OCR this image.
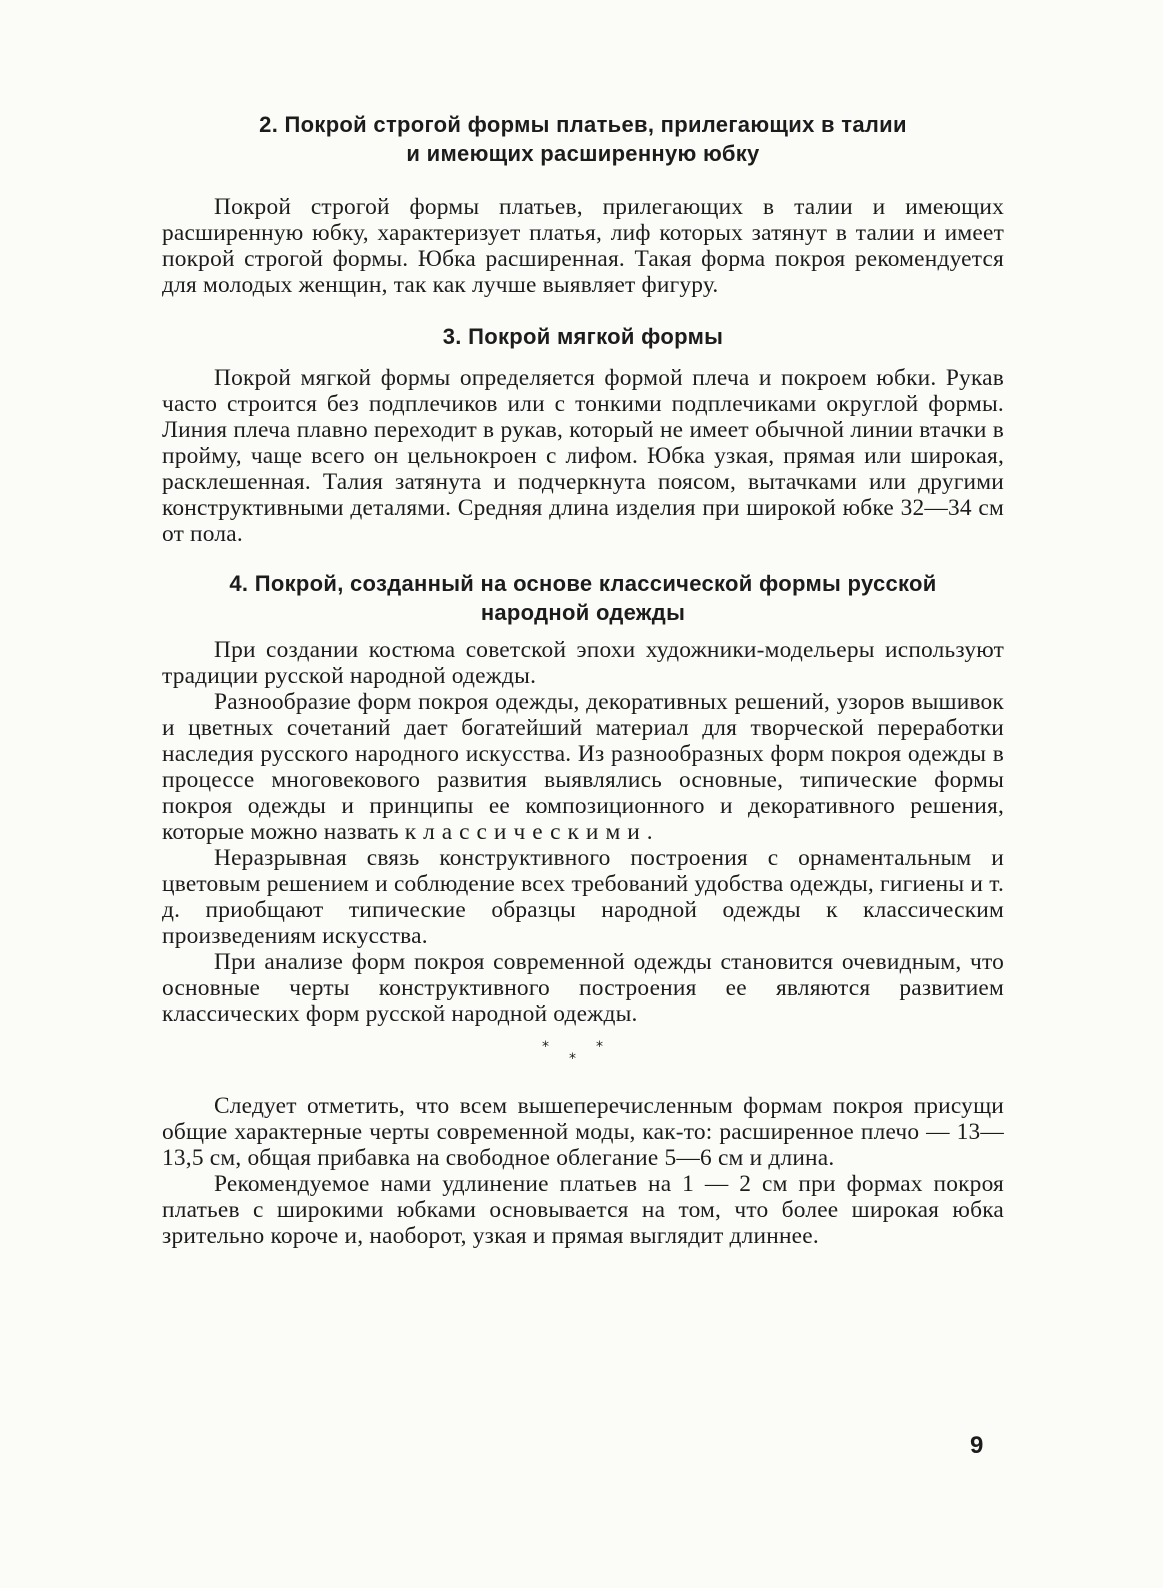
2. Покрой строгой формы платьев, прилегающих в талии
и имеющих расширенную юбку

Покрой строгой формы платьев, прилегающих в талии и имеющих расширенную юбку, характеризует платья, лиф которых затянут в талии и имеет покрой строгой формы. Юбка расширенная. Такая форма покроя рекомендуется для молодых женщин, так как лучше выявляет фигуру.

3. Покрой мягкой формы

Покрой мягкой формы определяется формой плеча и покроем юбки. Рукав часто строится без подплечиков или с тонкими подплечиками округлой формы. Линия плеча плавно переходит в рукав, который не имеет обычной линии втачки в пройму, чаще всего он цельнокроен с лифом. Юбка узкая, прямая или широкая, расклешенная. Талия затянута и подчеркнута поясом, вытачками или другими конструктивными деталями. Средняя длина изделия при широкой юбке 32—34 см от пола.

4. Покрой, созданный на основе классической формы русской
народной одежды

При создании костюма советской эпохи художники-модельеры используют традиции русской народной одежды.

Разнообразие форм покроя одежды, декоративных решений, узоров вышивок и цветных сочетаний дает богатейший материал для творческой переработки наследия русского народного искусства. Из разнообразных форм покроя одежды в процессе многовекового развития выявлялись основные, типические формы покроя одежды и принципы ее композиционного и декоративного решения, которые можно назвать классическими.

Неразрывная связь конструктивного построения с орнаментальным и цветовым решением и соблюдение всех требований удобства одежды, гигиены и т. д. приобщают типические образцы народной одежды к классическим произведениям искусства.

При анализе форм покроя современной одежды становится очевидным, что основные черты конструктивного построения ее являются развитием классических форм русской народной одежды.

*	*
*

Следует отметить, что всем вышеперечисленным формам покроя присущи общие характерные черты современной моды, как-то: расширенное плечо — 13—13,5 см, общая прибавка на свободное облегание 5—6 см и длина.

Рекомендуемое нами удлинение платьев на 1 — 2 см при формах покроя платьев с широкими юбками основывается на том, что более широкая юбка зрительно короче и, наоборот, узкая и прямая выглядит длиннее.

9
